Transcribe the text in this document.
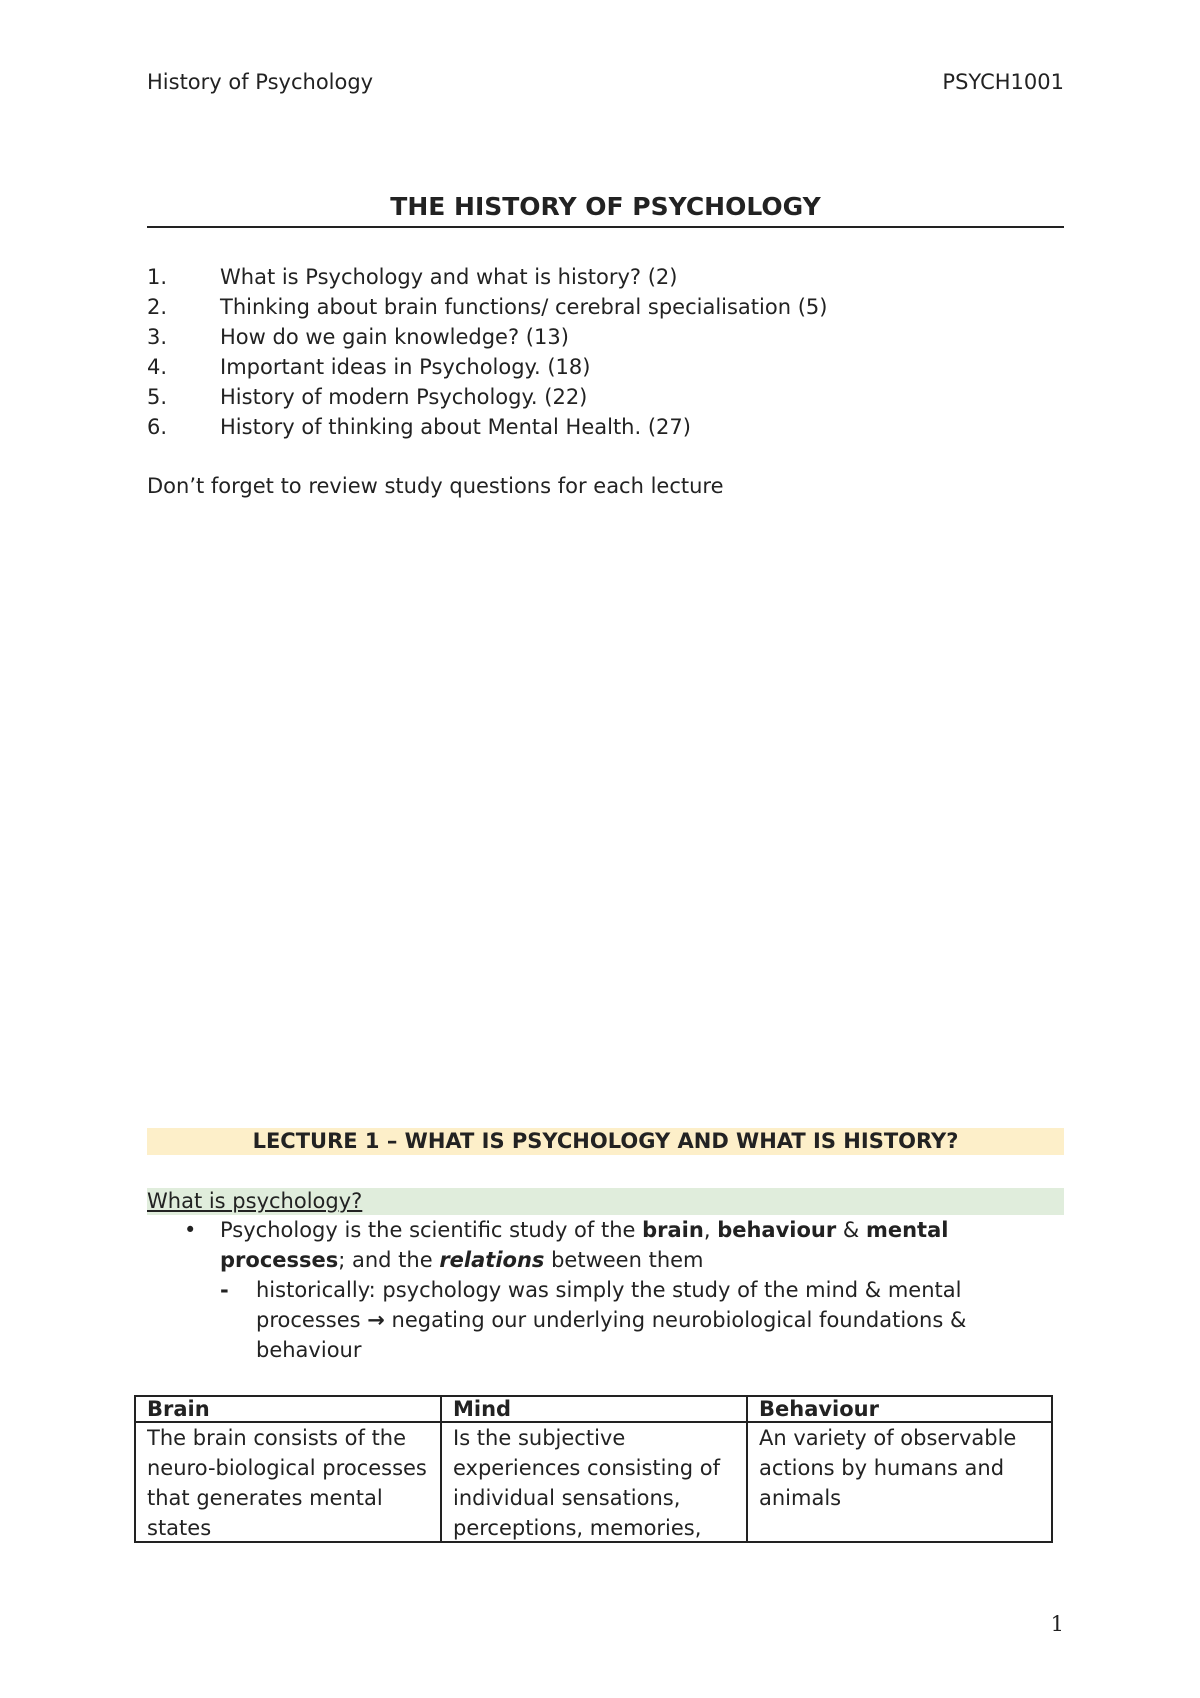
History of Psychology	PSYCH1001
THE HISTORY OF PSYCHOLOGY
1.	What is Psychology and what is history? (2)
2.	Thinking about brain functions/ cerebral specialisation (5)
3.	How do we gain knowledge? (13)
4.	Important ideas in Psychology. (18)
5.	History of modern Psychology. (22)
6.	History of thinking about Mental Health. (27)
Don’t forget to review study questions for each lecture
LECTURE 1 – WHAT IS PSYCHOLOGY AND WHAT IS HISTORY?
What is psychology?
• Psychology is the scientific study of the brain, behaviour & mental processes; and the relations between them
- historically: psychology was simply the study of the mind & mental processes → negating our underlying neurobiological foundations & behaviour
Brain	Mind	Behaviour

The brain consists of the neuro-biological processes that generates mental states	Is the subjective experiences consisting of individual sensations, perceptions, memories,	An variety of observable actions by humans and animals
1
